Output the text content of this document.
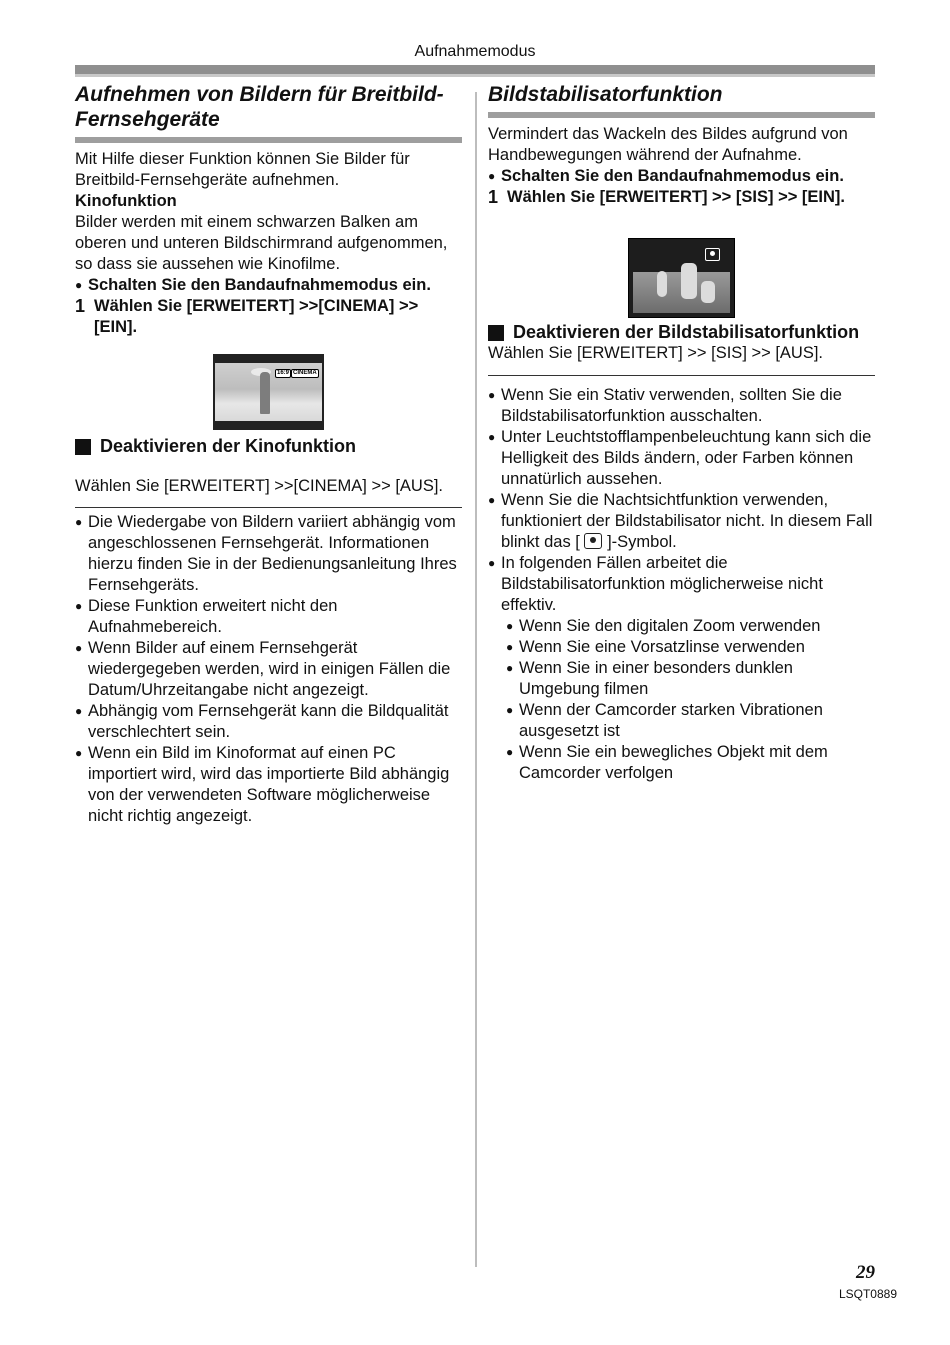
Aufnahmemodus
Aufnehmen von Bildern für Breitbild-Fernsehgeräte

Mit Hilfe dieser Funktion können Sie Bilder für Breitbild-Fernsehgeräte aufnehmen.

Kinofunktion

Bilder werden mit einem schwarzen Balken am oberen und unteren Bildschirmrand aufgenommen, so dass sie aussehen wie Kinofilme.

● Schalten Sie den Bandaufnahmemodus ein.

1 Wählen Sie [ERWEITERT] >>[CINEMA] >> [EIN].
16:9 CINEMA
Deaktivieren der Kinofunktion

Wählen Sie [ERWEITERT] >>[CINEMA] >> [AUS].

● Die Wiedergabe von Bildern variiert abhängig vom angeschlossenen Fernsehgerät. Informationen hierzu finden Sie in der Bedienungsanleitung Ihres Fernsehgeräts.

● Diese Funktion erweitert nicht den Aufnahmebereich.

● Wenn Bilder auf einem Fernsehgerät wiedergegeben werden, wird in einigen Fällen die Datum/Uhrzeitangabe nicht angezeigt.

● Abhängig vom Fernsehgerät kann die Bildqualität verschlechtert sein.

● Wenn ein Bild im Kinoformat auf einen PC importiert wird, wird das importierte Bild abhängig von der verwendeten Software möglicherweise nicht richtig angezeigt.

Bildstabilisatorfunktion

Vermindert das Wackeln des Bildes aufgrund von Handbewegungen während der Aufnahme.

● Schalten Sie den Bandaufnahmemodus ein.

1 Wählen Sie [ERWEITERT] >> [SIS] >> [EIN].
Deaktivieren der Bildstabilisatorfunktion

Wählen Sie [ERWEITERT] >> [SIS] >> [AUS].

● Wenn Sie ein Stativ verwenden, sollten Sie die Bildstabilisatorfunktion ausschalten.

● Unter Leuchtstofflampenbeleuchtung kann sich die Helligkeit des Bilds ändern, oder Farben können unnatürlich aussehen.

● Wenn Sie die Nachtsichtfunktion verwenden, funktioniert der Bildstabilisator nicht. In diesem Fall blinkt das [ ]-Symbol.

● In folgenden Fällen arbeitet die Bildstabilisatorfunktion möglicherweise nicht effektiv.

● Wenn Sie den digitalen Zoom verwenden

● Wenn Sie eine Vorsatzlinse verwenden

● Wenn Sie in einer besonders dunklen Umgebung filmen

● Wenn der Camcorder starken Vibrationen ausgesetzt ist

● Wenn Sie ein bewegliches Objekt mit dem Camcorder verfolgen

29
LSQT0889
